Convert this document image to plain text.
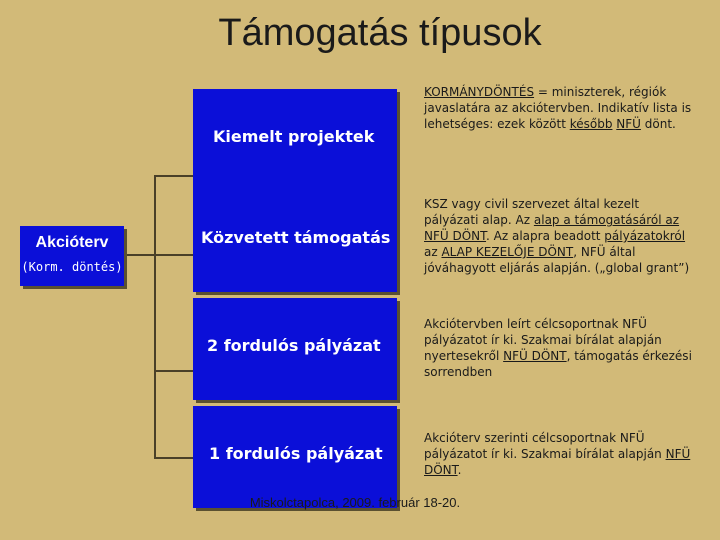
Támogatás típusok
Akcióterv
(Korm. döntés)
Kiemelt projektek
Közvetett támogatás
2 fordulós pályázat
1 fordulós pályázat
KORMÁNYDÖNTÉS = miniszterek, régiók javaslatára az akciótervben. Indikatív lista is lehetséges: ezek között később NFÜ dönt.
KSZ vagy civil szervezet által kezelt pályázati alap. Az alap a támogatásáról az NFÜ DÖNT. Az alapra beadott pályázatokról az ALAP KEZELŐJE DÖNT, NFÜ által jóváhagyott eljárás alapján. („global grant”)
Akciótervben leírt célcsoportnak NFÜ pályázatot ír ki. Szakmai bírálat alapján nyertesekről NFÜ DÖNT, támogatás érkezési sorrendben
Akcióterv szerinti célcsoportnak NFÜ pályázatot ír ki. Szakmai bírálat alapján NFÜ DÖNT.
Miskolctapolca, 2009. február 18-20.
